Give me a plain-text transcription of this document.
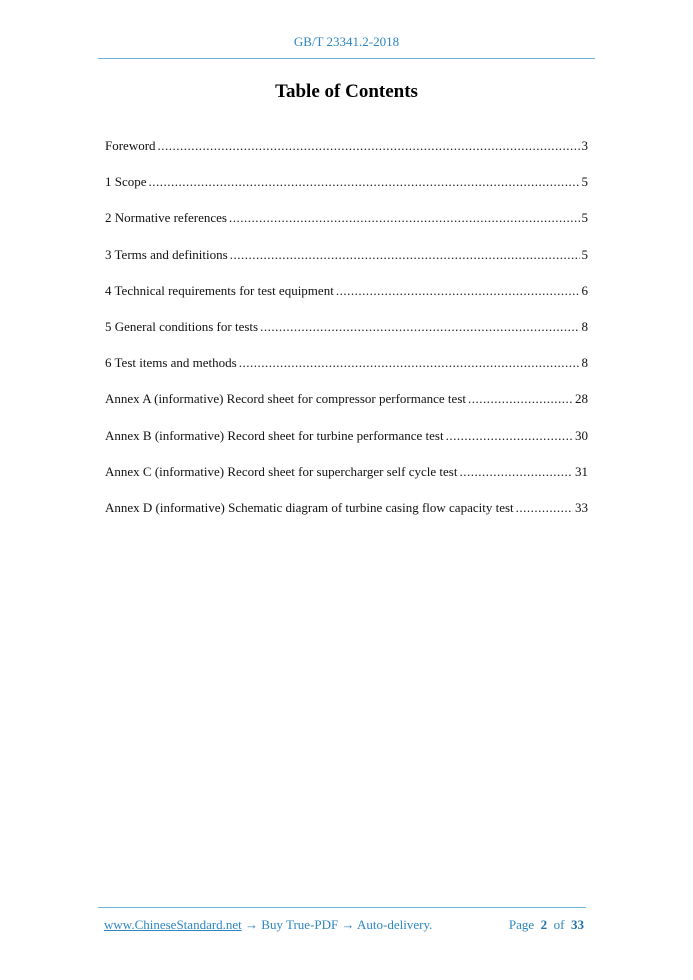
GB/T 23341.2-2018
Table of Contents
Foreword .....	3
1 Scope .....	5
2 Normative references .....	5
3 Terms and definitions .....	5
4 Technical requirements for test equipment .....	6
5 General conditions for tests .....	8
6 Test items and methods .....	8
Annex A (informative) Record sheet for compressor performance test .....	28
Annex B (informative) Record sheet for turbine performance test .....	30
Annex C (informative) Record sheet for supercharger self cycle test .....	31
Annex D (informative) Schematic diagram of turbine casing flow capacity test .....	33
www.ChineseStandard.net → Buy True-PDF → Auto-delivery.	Page 2 of 33
